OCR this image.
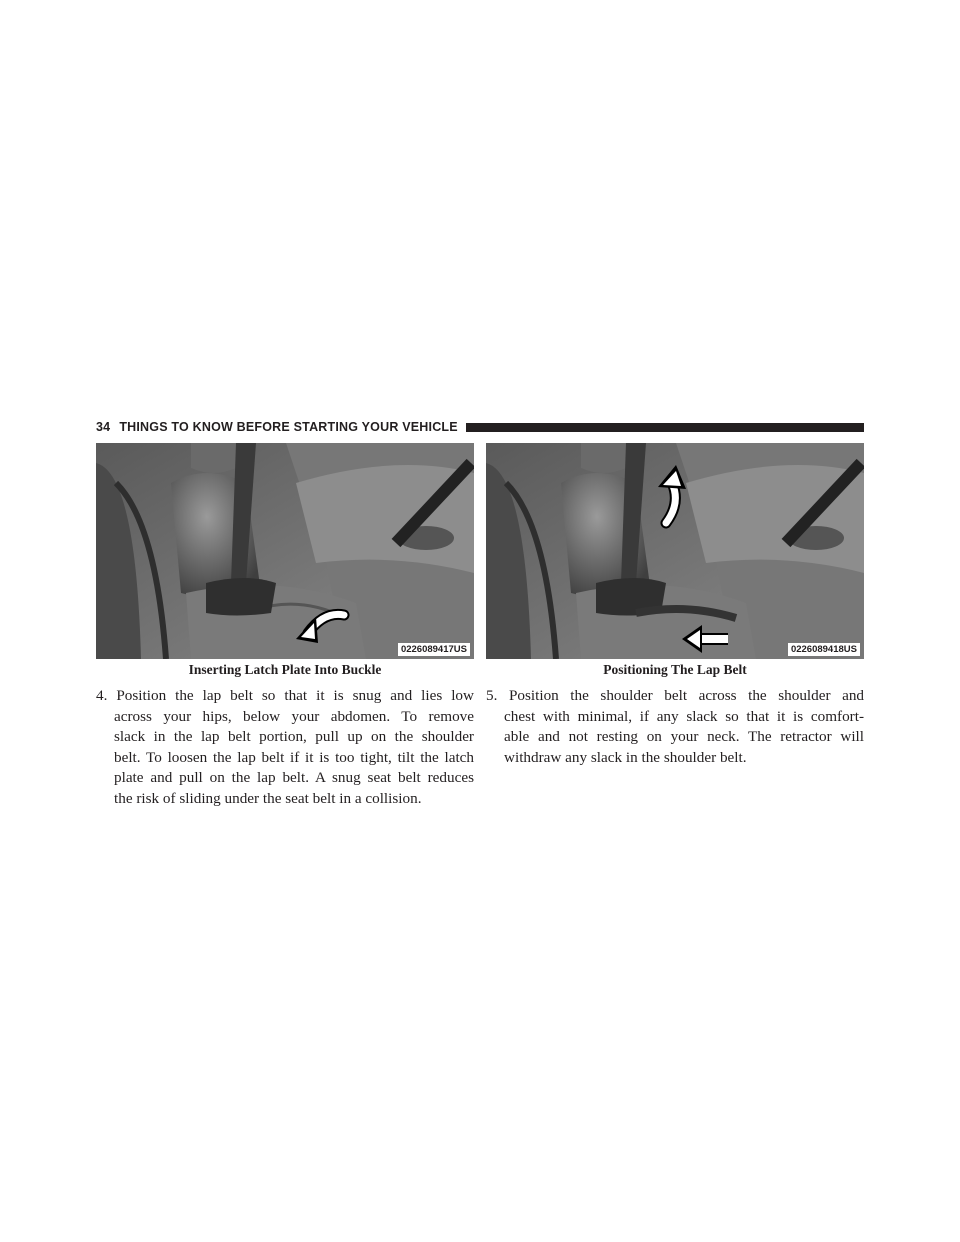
34 THINGS TO KNOW BEFORE STARTING YOUR VEHICLE
0226089417US
Inserting Latch Plate Into Buckle
0226089418US
Positioning The Lap Belt
4. Position the lap belt so that it is snug and lies low
across your hips, below your abdomen. To remove
slack in the lap belt portion, pull up on the shoulder
belt. To loosen the lap belt if it is too tight, tilt the latch
plate and pull on the lap belt. A snug seat belt reduces
the risk of sliding under the seat belt in a collision.
5. Position the shoulder belt across the shoulder and
chest with minimal, if any slack so that it is comfort-
able and not resting on your neck. The retractor will
withdraw any slack in the shoulder belt.
